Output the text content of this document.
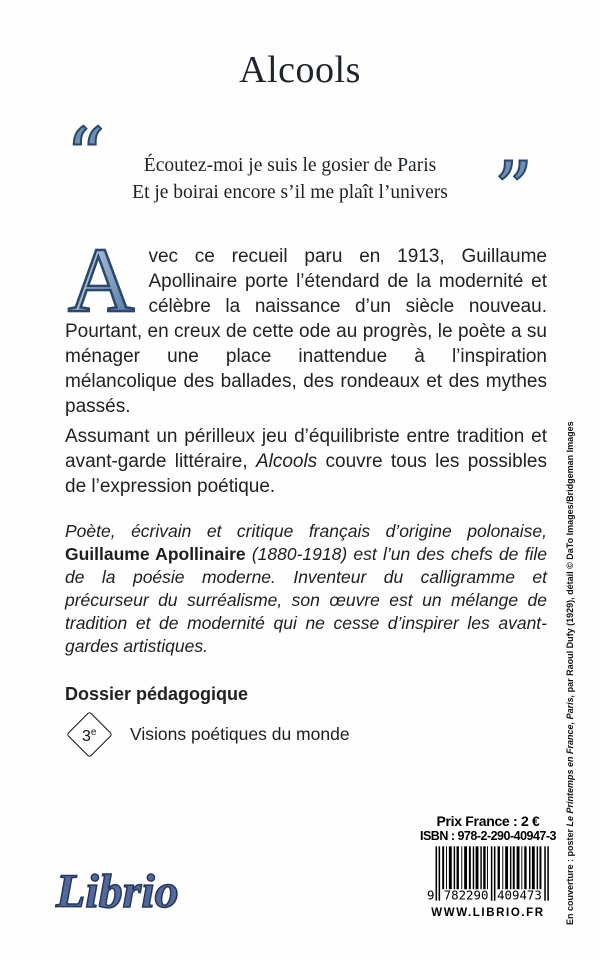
Alcools
“	”
Écoutez-moi je suis le gosier de Paris
Et je boirai encore s’il me plaît l’univers

A vec ce recueil paru en 1913, Guillaume Apollinaire porte l’étendard de la modernité et célèbre la naissance d’un siècle nouveau. Pourtant, en creux de cette ode au progrès, le poète a su ménager une place inattendue à l’inspiration mélancolique des ballades, des rondeaux et des mythes passés.

Assumant un périlleux jeu d’équilibriste entre tradition et avant-garde littéraire, Alcools couvre tous les possibles de l’expression poétique.

Poète, écrivain et critique français d’origine polonaise, Guillaume Apollinaire (1880-1918) est l’un des chefs de file de la poésie moderne. Inventeur du calligramme et précurseur du surréalisme, son œuvre est un mélange de tradition et de modernité qui ne cesse d’inspirer les avant-gardes artistiques.

Dossier pédagogique

3e Visions poétiques du monde
Librio
Prix France : 2 €
ISBN : 978-2-290-40947-3
9 782290 409473
WWW.LIBRIO.FR	En couverture : poster Le Printemps en France, Paris, par Raoul Dufy (1929), détail © DaTo Images/Bridgeman Images
